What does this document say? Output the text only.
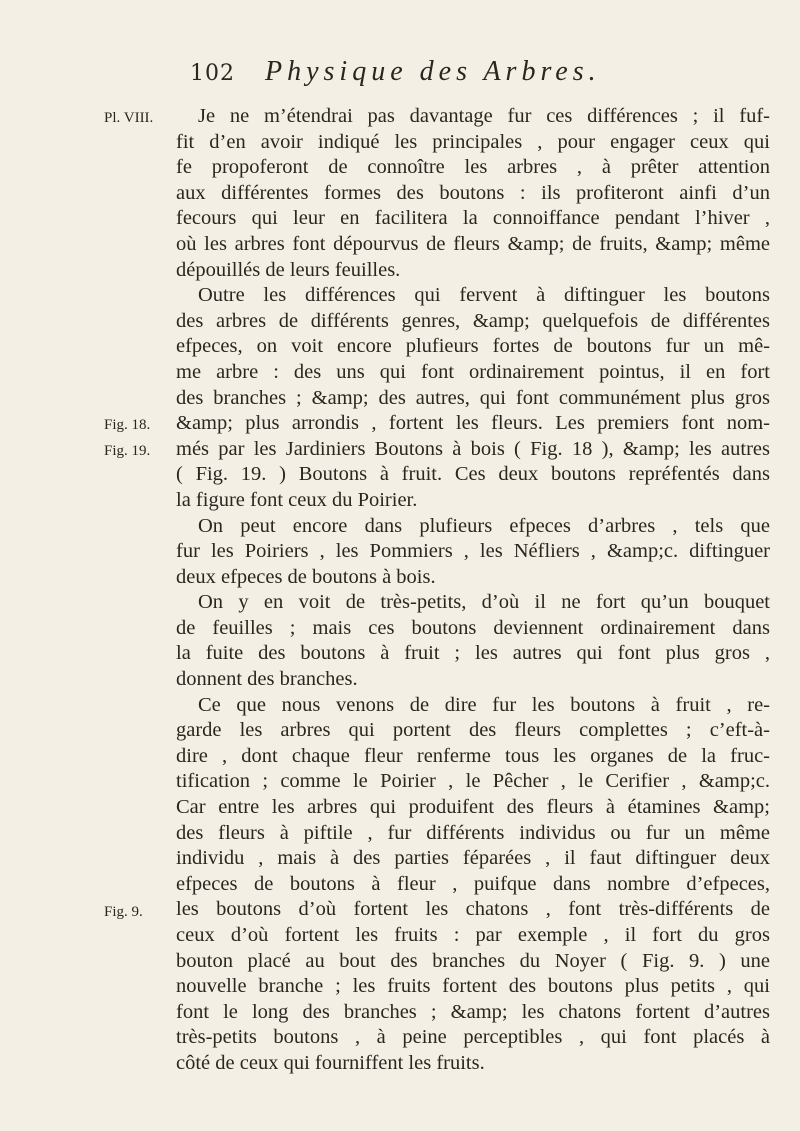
102 Physique des Arbres.
Pl. VIII.
Fig. 18.
Fig. 19.
Fig. 9.
Je ne m’étendrai pas davantage fur ces différences ; il fuf-
fit d’en avoir indiqué les principales , pour engager ceux qui
fe propoferont de connoître les arbres , à prêter attention
aux différentes formes des boutons : ils profiteront ainfi d’un
fecours qui leur en facilitera la connoiffance pendant l’hiver ,
où les arbres font dépourvus de fleurs &amp; de fruits, &amp; même
dépouillés de leurs feuilles.
Outre les différences qui fervent à diftinguer les boutons
des arbres de différents genres, &amp; quelquefois de différentes
efpeces, on voit encore plufieurs fortes de boutons fur un mê-
me arbre : des uns qui font ordinairement pointus, il en fort
des branches ; &amp; des autres, qui font communément plus gros
&amp; plus arrondis , fortent les fleurs. Les premiers font nom-
més par les Jardiniers Boutons à bois ( Fig. 18 ), &amp; les autres
( Fig. 19. ) Boutons à fruit. Ces deux boutons repréfentés dans
la figure font ceux du Poirier.
On peut encore dans plufieurs efpeces d’arbres , tels que
fur les Poiriers , les Pommiers , les Néfliers , &amp;c. diftinguer
deux efpeces de boutons à bois.
On y en voit de très-petits, d’où il ne fort qu’un bouquet
de feuilles ; mais ces boutons deviennent ordinairement dans
la fuite des boutons à fruit ; les autres qui font plus gros ,
donnent des branches.
Ce que nous venons de dire fur les boutons à fruit , re-
garde les arbres qui portent des fleurs complettes ; c’eft-à-
dire , dont chaque fleur renferme tous les organes de la fruc-
tification ; comme le Poirier , le Pêcher , le Cerifier , &amp;c.
Car entre les arbres qui produifent des fleurs à étamines &amp;
des fleurs à piftile , fur différents individus ou fur un même
individu , mais à des parties féparées , il faut diftinguer deux
efpeces de boutons à fleur , puifque dans nombre d’efpeces,
les boutons d’où fortent les chatons , font très-différents de
ceux d’où fortent les fruits : par exemple , il fort du gros
bouton placé au bout des branches du Noyer ( Fig. 9. ) une
nouvelle branche ; les fruits fortent des boutons plus petits , qui
font le long des branches ; &amp; les chatons fortent d’autres
très-petits boutons , à peine perceptibles , qui font placés à
côté de ceux qui fourniffent les fruits.
